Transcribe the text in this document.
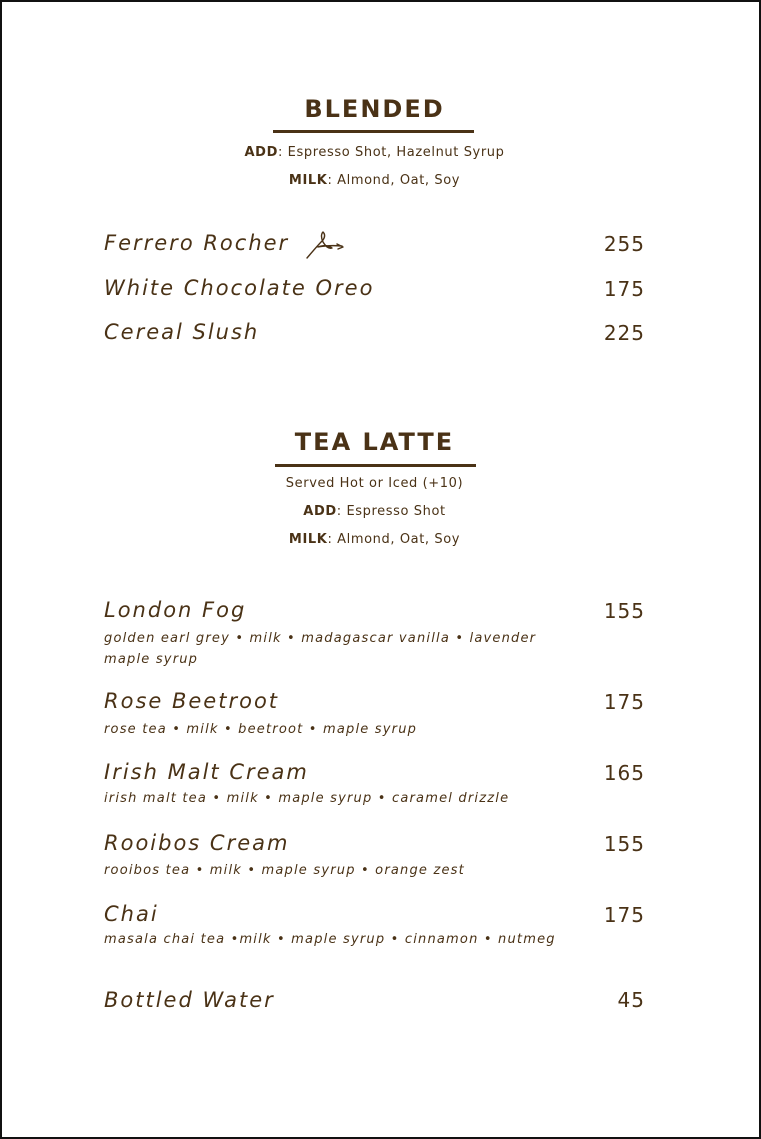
BLENDED

ADD: Espresso Shot, Hazelnut Syrup

MILK: Almond, Oat, Soy

Ferrero Rocher	255

White Chocolate Oreo	175

Cereal Slush	225

TEA LATTE

Served Hot or Iced (+10)

ADD: Espresso Shot

MILK: Almond, Oat, Soy

London Fog	155

golden earl grey • milk • madagascar vanilla • lavender maple syrup

Rose Beetroot	175

rose tea • milk • beetroot • maple syrup

Irish Malt Cream	165

irish malt tea • milk • maple syrup • caramel drizzle

Rooibos Cream	155

rooibos tea • milk • maple syrup • orange zest

Chai	175

masala chai tea •milk • maple syrup • cinnamon • nutmeg

Bottled Water	45
